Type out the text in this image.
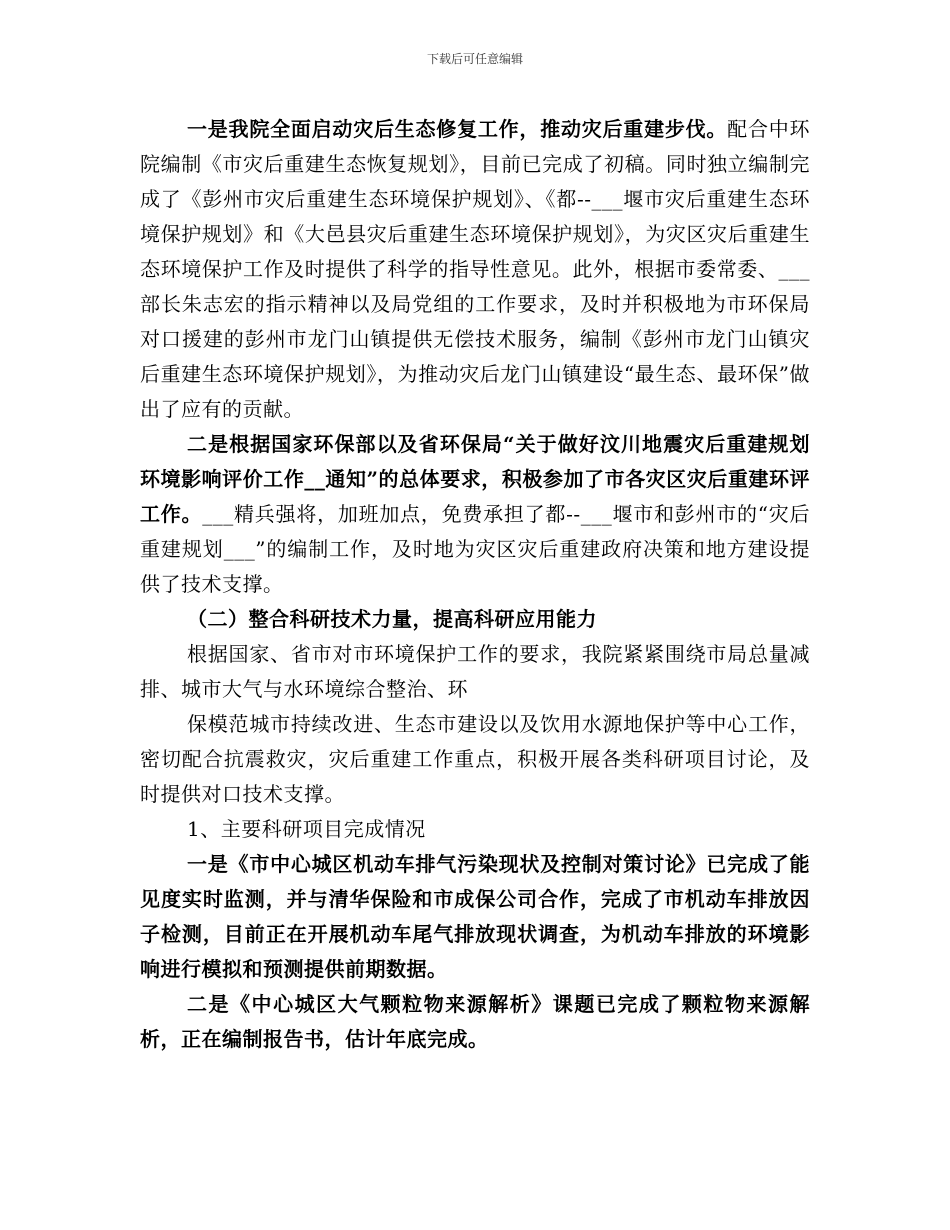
下载后可任意编辑

一是我院全面启动灾后生态修复工作，推动灾后重建步伐。配合中环院编制《市灾后重建生态恢复规划》，目前已完成了初稿。同时独立编制完成了《彭州市灾后重建生态环境保护规划》、《都--___堰市灾后重建生态环境保护规划》和《大邑县灾后重建生态环境保护规划》，为灾区灾后重建生态环境保护工作及时提供了科学的指导性意见。此外，根据市委常委、___部长朱志宏的指示精神以及局党组的工作要求，及时并积极地为市环保局对口援建的彭州市龙门山镇提供无偿技术服务，编制《彭州市龙门山镇灾后重建生态环境保护规划》，为推动灾后龙门山镇建设“最生态、最环保”做出了应有的贡献。

二是根据国家环保部以及省环保局“关于做好汶川地震灾后重建规划环境影响评价工作__通知”的总体要求，积极参加了市各灾区灾后重建环评工作。___精兵强将，加班加点，免费承担了都--___堰市和彭州市的“灾后重建规划___”的编制工作，及时地为灾区灾后重建政府决策和地方建设提供了技术支撑。

（二）整合科研技术力量，提高科研应用能力

根据国家、省市对市环境保护工作的要求，我院紧紧围绕市局总量减排、城市大气与水环境综合整治、环

保模范城市持续改进、生态市建设以及饮用水源地保护等中心工作，密切配合抗震救灾，灾后重建工作重点，积极开展各类科研项目讨论，及时提供对口技术支撑。

1、主要科研项目完成情况

一是《市中心城区机动车排气污染现状及控制对策讨论》已完成了能见度实时监测，并与清华保险和市成保公司合作，完成了市机动车排放因子检测，目前正在开展机动车尾气排放现状调查，为机动车排放的环境影响进行模拟和预测提供前期数据。

二是《中心城区大气颗粒物来源解析》课题已完成了颗粒物来源解析，正在编制报告书，估计年底完成。
